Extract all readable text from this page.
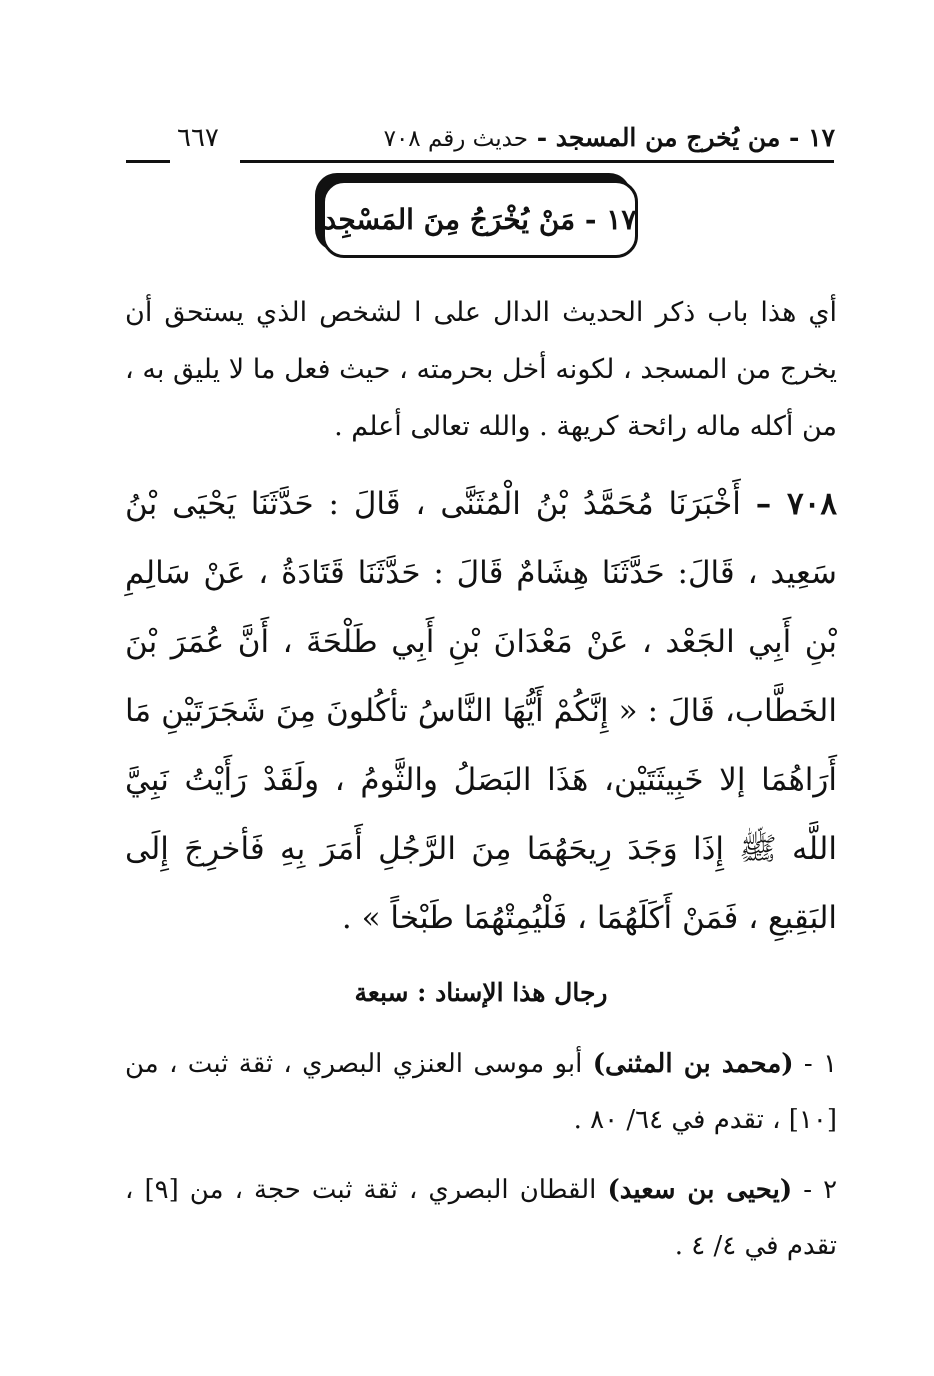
١٧ - من يُخرج من المسجد - حديث رقم ٧٠٨
٦٦٧
١٧ - مَنْ يُخْرَجُ مِنَ المَسْجِد

أي هذا باب ذكر الحديث الدال على ا لشخص الذي يستحق أن يخرج من المسجد ، لكونه أخل بحرمته ، حيث فعل ما لا يليق به ، من أكله ماله رائحة كريهة . والله تعالى أعلم .

٧٠٨ – أَخْبَرَنَا مُحَمَّدُ بْنُ الْمُثَنَّى ، قَالَ : حَدَّثَنَا يَحْيَى بْنُ سَعِيد ، قَالَ: حَدَّثَنَا هِشَامٌ قَالَ : حَدَّثَنَا قَتَادَةُ ، عَنْ سَالِمِ بْنِ أَبِي الجَعْد ، عَنْ مَعْدَانَ بْنِ أَبِي طَلْحَةَ ، أَنَّ عُمَرَ بْنَ الخَطَّاب، قَالَ : « إِنَّكُمْ أَيُّهَا النَّاسُ تأكُلونَ مِنَ شَجَرَتَيْنِ مَا أَرَاهُمَا إلا خَبِيثَتَيْن، هَذَا البَصَلُ والثَّومُ ، ولَقَدْ رَأَيْتُ نَبِيَّ اللَّه ﷺ إِذَا وَجَدَ رِيحَهُمَا مِنَ الرَّجُلِ أَمَرَ بِهِ فَأخرِجَ إِلَى البَقِيعِ ، فَمَنْ أَكَلَهُمَا ، فَلْيُمِتْهُمَا طَبْخاً » .

رجال هذا الإسناد : سبعة

١ - (محمد بن المثنى) أبو موسى العنزي البصري ، ثقة ثبت ، من [١٠] ، تقدم في ٦٤/ ٨٠ .

٢ - (يحيى بن سعيد) القطان البصري ، ثقة ثبت حجة ، من [٩] ، تقدم في ٤/ ٤ .
